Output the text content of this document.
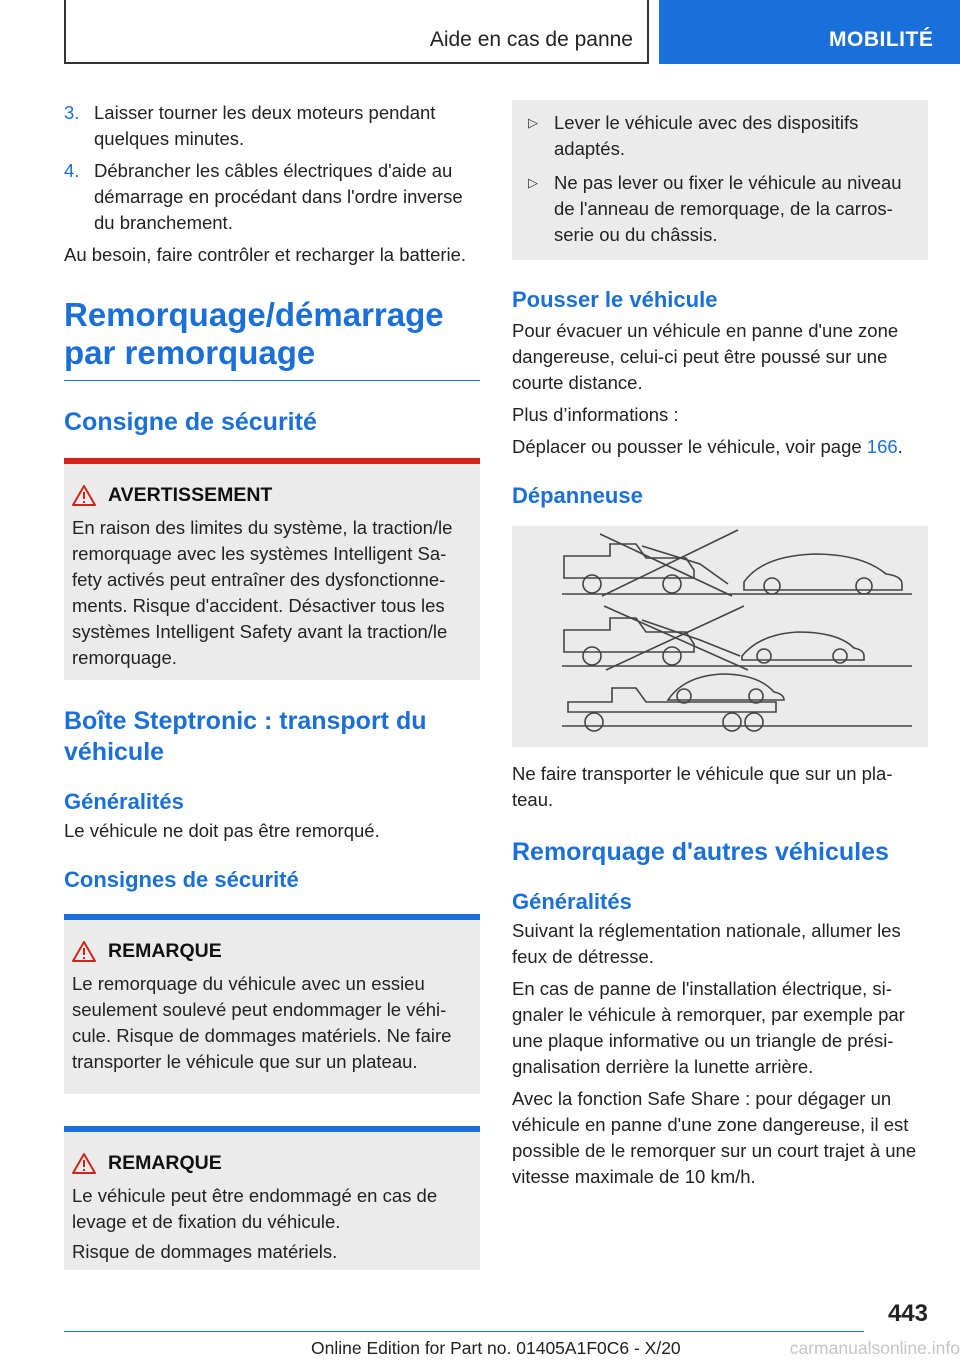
Aide en cas de panne	MOBILITÉ
3. Laisser tourner les deux moteurs pendant quelques minutes.
4. Débrancher les câbles électriques d'aide au démarrage en procédant dans l'ordre inverse du branchement.

Au besoin, faire contrôler et recharger la batterie.

Remorquage/démarrage
par remorquage
Consigne de sécurité
AVERTISSEMENT

En raison des limites du système, la traction/le remorquage avec les systèmes Intelligent Sa-fety activés peut entraîner des dysfonctionne-ments. Risque d'accident. Désactiver tous les systèmes Intelligent Safety avant la traction/le remorquage.

Boîte Steptronic : transport du véhicule
Généralités

Le véhicule ne doit pas être remorqué.

Consignes de sécurité
REMARQUE

Le remorquage du véhicule avec un essieu seulement soulevé peut endommager le véhi-cule. Risque de dommages matériels. Ne faire transporter le véhicule que sur un plateau.

REMARQUE

Le véhicule peut être endommagé en cas de levage et de fixation du véhicule.

Risque de dommages matériels.

▷ Lever le véhicule avec des dispositifs adaptés.
▷ Ne pas lever ou fixer le véhicule au niveau de l'anneau de remorquage, de la carros-serie ou du châssis.
Pousser le véhicule

Pour évacuer un véhicule en panne d'une zone dangereuse, celui-ci peut être poussé sur une courte distance.

Plus d’informations :

Déplacer ou pousser le véhicule, voir page 166.

Dépanneuse

Ne faire transporter le véhicule que sur un pla-teau.

Remorquage d'autres véhicules
Généralités

Suivant la réglementation nationale, allumer les feux de détresse.

En cas de panne de l'installation électrique, si-gnaler le véhicule à remorquer, par exemple par une plaque informative ou un triangle de prési-gnalisation derrière la lunette arrière.

Avec la fonction Safe Share : pour dégager un véhicule en panne d'une zone dangereuse, il est possible de le remorquer sur un court trajet à une vitesse maximale de 10 km/h.

443
Online Edition for Part no. 01405A1F0C6 - X/20	carmanualsonline.info
